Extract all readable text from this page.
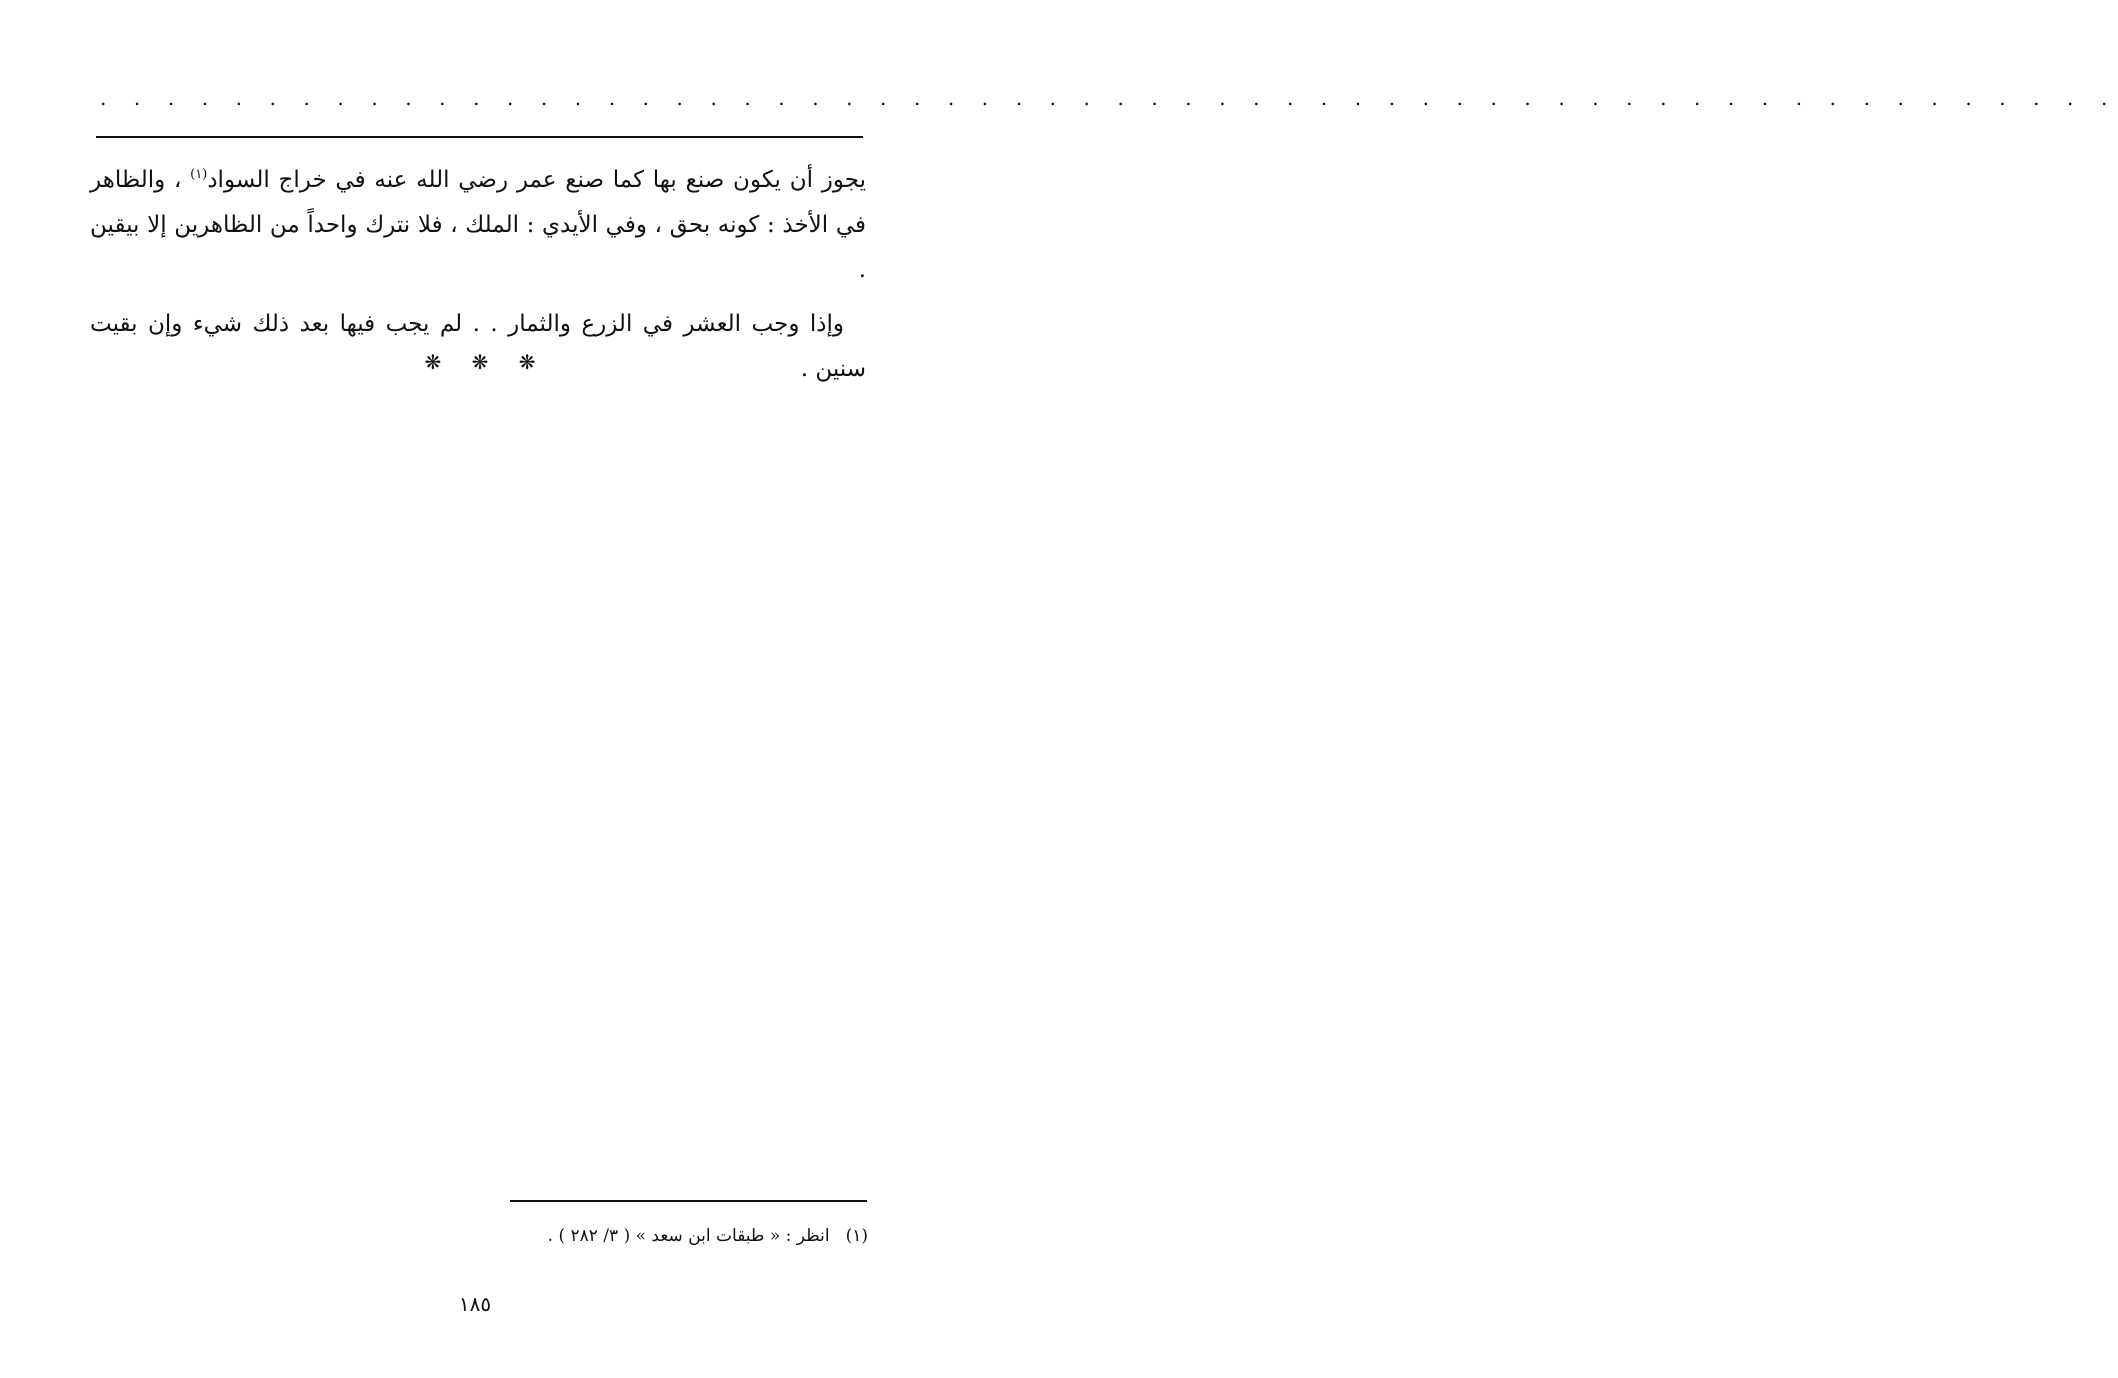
. . . . . . . . . . . . . . . . . . . . . . . . . . . . . . . . . . . . . . . . . . . . . . . . . . . . . . . . . . . .

يجوز أن يكون صنع بها كما صنع عمر رضي الله عنه في خراج السواد$^{(١)}$ ، والظاهر في الأخذ : كونه بحق ، وفي الأيدي : الملك ، فلا نترك واحداً من الظاهرين إلا بيقين .

وإذا وجب العشر في الزرع والثمار . . لم يجب فيها بعد ذلك شيء وإن بقيت سنين .

❋ ❋ ❋
(١)انظر : « طبقات ابن سعد » ( ٣/ ٢٨٢ ) .
١٨٥
